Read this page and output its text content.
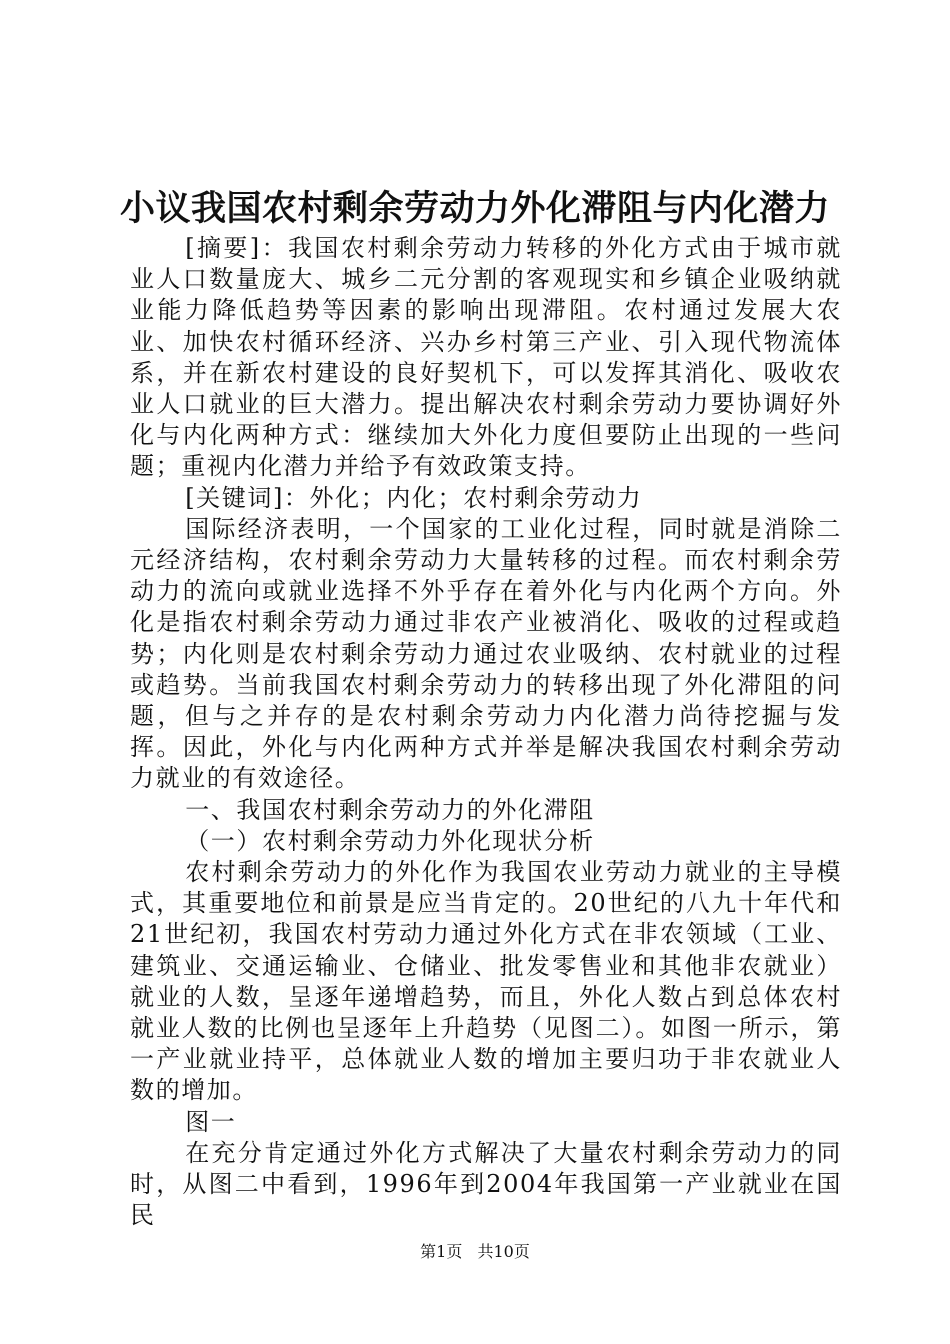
小议我国农村剩余劳动力外化滞阻与内化潜力

[摘要]：我国农村剩余劳动力转移的外化方式由于城市就业人口数量庞大、城乡二元分割的客观现实和乡镇企业吸纳就业能力降低趋势等因素的影响出现滞阻。农村通过发展大农业、加快农村循环经济、兴办乡村第三产业、引入现代物流体系，并在新农村建设的良好契机下，可以发挥其消化、吸收农业人口就业的巨大潜力。提出解决农村剩余劳动力要协调好外化与内化两种方式：继续加大外化力度但要防止出现的一些问题；重视内化潜力并给予有效政策支持。

[关键词]：外化；内化；农村剩余劳动力

国际经济表明，一个国家的工业化过程，同时就是消除二元经济结构，农村剩余劳动力大量转移的过程。而农村剩余劳动力的流向或就业选择不外乎存在着外化与内化两个方向。外化是指农村剩余劳动力通过非农产业被消化、吸收的过程或趋势；内化则是农村剩余劳动力通过农业吸纳、农村就业的过程或趋势。当前我国农村剩余劳动力的转移出现了外化滞阻的问题，但与之并存的是农村剩余劳动力内化潜力尚待挖掘与发挥。因此，外化与内化两种方式并举是解决我国农村剩余劳动力就业的有效途径。

一、我国农村剩余劳动力的外化滞阻

（一）农村剩余劳动力外化现状分析

农村剩余劳动力的外化作为我国农业劳动力就业的主导模式，其重要地位和前景是应当肯定的。20世纪的八九十年代和21世纪初，我国农村劳动力通过外化方式在非农领域（工业、建筑业、交通运输业、仓储业、批发零售业和其他非农就业）就业的人数，呈逐年递增趋势，而且，外化人数占到总体农村就业人数的比例也呈逐年上升趋势（见图二）。如图一所示，第一产业就业持平，总体就业人数的增加主要归功于非农就业人数的增加。

图一

在充分肯定通过外化方式解决了大量农村剩余劳动力的同时，从图二中看到，1996年到2004年我国第一产业就业在国民

第1页 共10页
